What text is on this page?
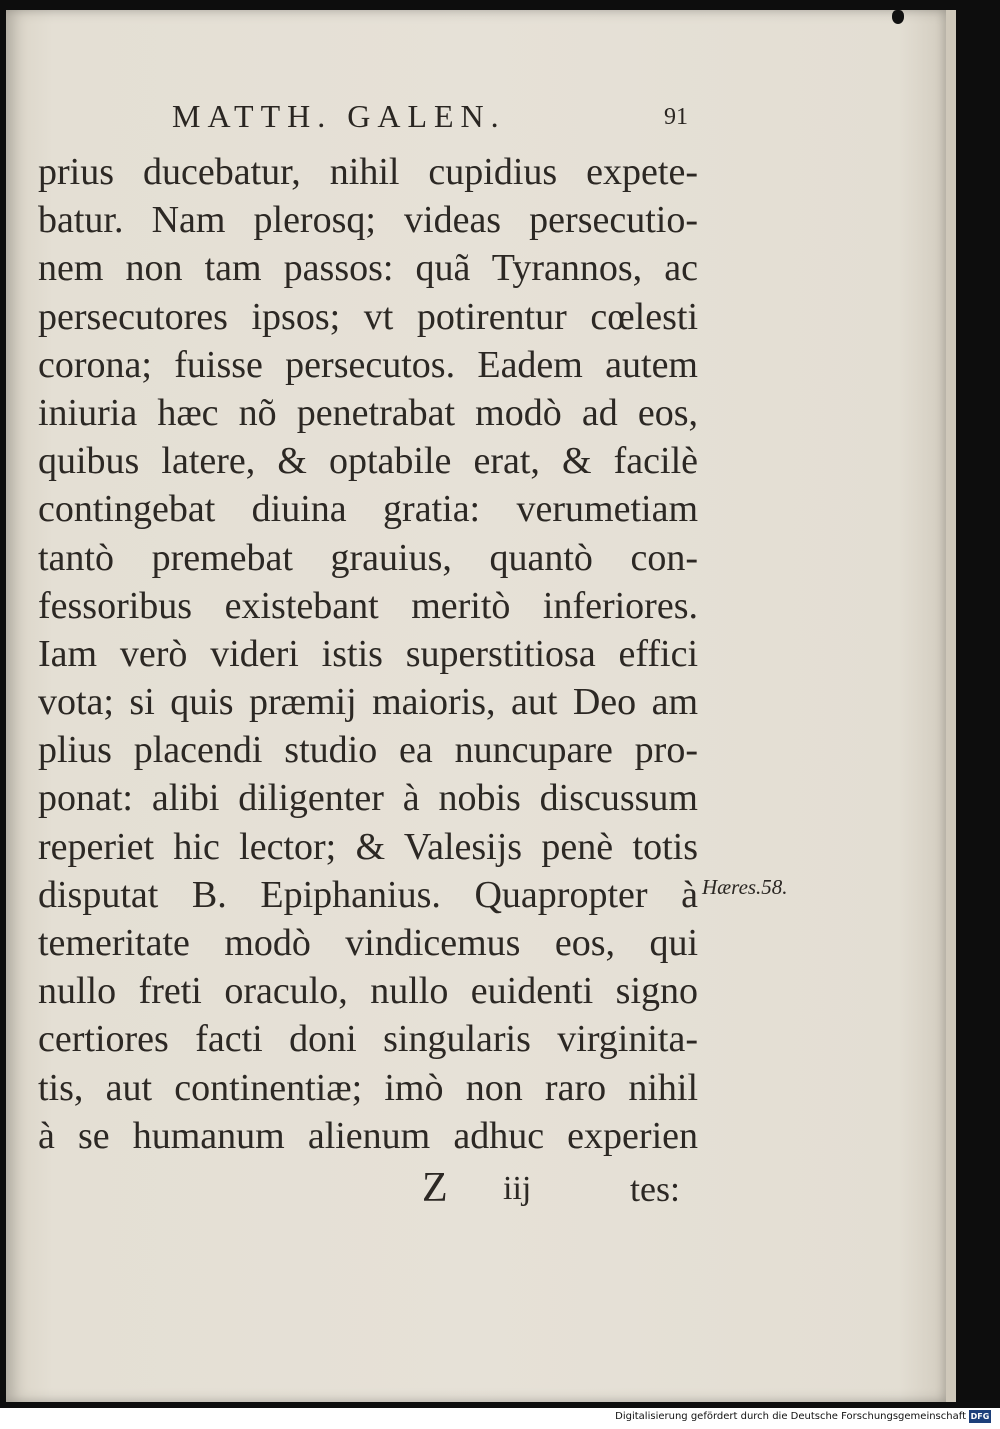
MATTH. GALEN.	91
prius ducebatur, nihil cupidius expete-
batur. Nam plerosq; videas persecutio-
nem non tam passos: quã Tyrannos, ac
persecutores ipsos; vt potirentur cœlesti
corona; fuisse persecutos. Eadem autem
iniuria hæc nõ penetrabat modò ad eos,
quibus latere, & optabile erat, & facilè
contingebat diuina gratia: verumetiam
tantò premebat grauius, quantò con-
fessoribus existebant meritò inferiores.
Iam verò videri istis superstitiosa effici
vota; si quis præmij maioris, aut Deo am
plius placendi studio ea nuncupare pro-
ponat: alibi diligenter à nobis discussum
reperiet hic lector; & Valesijs penè totis
disputat B. Epiphanius. Quapropter à
temeritate modò vindicemus eos, qui
nullo freti oraculo, nullo euidenti signo
certiores facti doni singularis virginita-
tis, aut continentiæ; imò non raro nihil
à se humanum alienum adhuc experien
Hæres.58.
Z iij	tes:
Digitalisierung gefördert durch die Deutsche Forschungsgemeinschaft DFG
